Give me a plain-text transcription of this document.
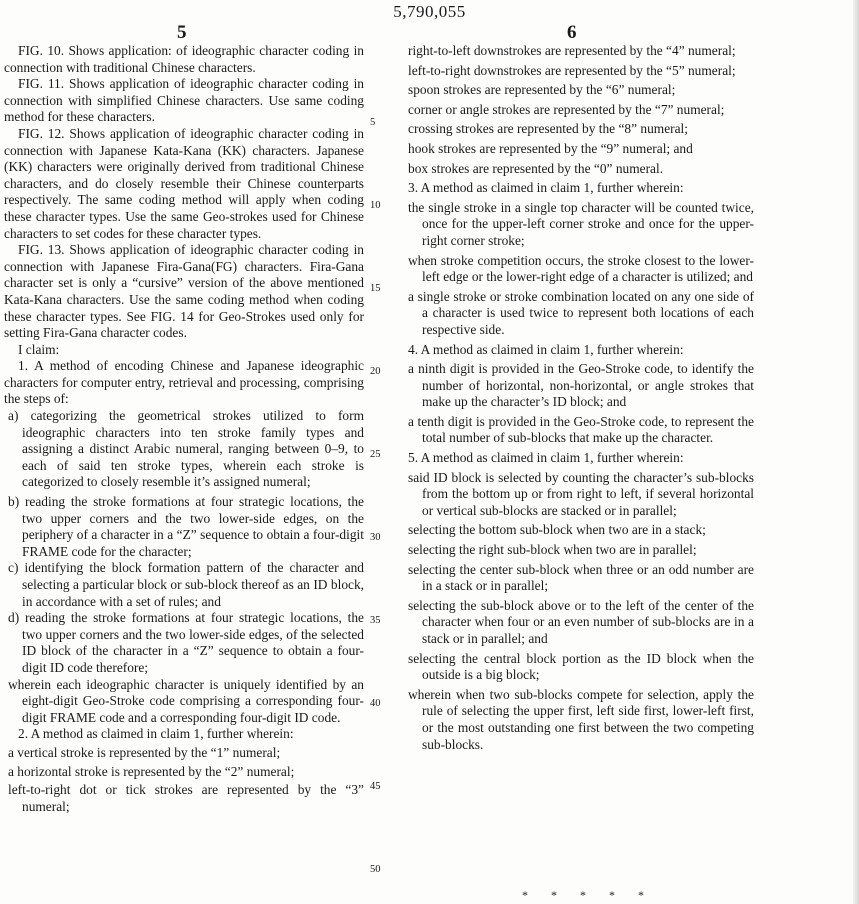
5,790,055
5	6

FIG. 10. Shows application: of ideographic character coding in connection with traditional Chinese characters.

FIG. 11. Shows application of ideographic character coding in connection with simplified Chinese characters. Use same coding method for these characters.

FIG. 12. Shows application of ideographic character coding in connection with Japanese Kata-Kana (KK) characters. Japanese (KK) characters were originally derived from traditional Chinese characters, and do closely resemble their Chinese counterparts respectively. The same coding method will apply when coding these character types. Use the same Geo-strokes used for Chinese characters to set codes for these character types.

FIG. 13. Shows application of ideographic character coding in connection with Japanese Fira-Gana(FG) characters. Fira-Gana character set is only a “cursive” version of the above mentioned Kata-Kana characters. Use the same coding method when coding these character types. See FIG. 14 for Geo-Strokes used only for setting Fira-Gana character codes.

I claim:

1. A method of encoding Chinese and Japanese ideographic characters for computer entry, retrieval and processing, comprising the steps of:

a) categorizing the geometrical strokes utilized to form ideographic characters into ten stroke family types and assigning a distinct Arabic numeral, ranging between 0–9, to each of said ten stroke types, wherein each stroke is categorized to closely resemble it’s assigned numeral;

b) reading the stroke formations at four strategic locations, the two upper corners and the two lower-side edges, on the periphery of a character in a “Z” sequence to obtain a four-digit FRAME code for the character;

c) identifying the block formation pattern of the character and selecting a particular block or sub-block thereof as an ID block, in accordance with a set of rules; and

d) reading the stroke formations at four strategic locations, the two upper corners and the two lower-side edges, of the selected ID block of the character in a “Z” sequence to obtain a four-digit ID code therefore;

wherein each ideographic character is uniquely identified by an eight-digit Geo-Stroke code comprising a corresponding four-digit FRAME code and a corresponding four-digit ID code.

2. A method as claimed in claim 1, further wherein:

a vertical stroke is represented by the “1” numeral;

a horizontal stroke is represented by the “2” numeral;

left-to-right dot or tick strokes are represented by the “3” numeral;

5
10
15
20
25
30
35
40
45
50

right-to-left downstrokes are represented by the “4” numeral;

left-to-right downstrokes are represented by the “5” numeral;

spoon strokes are represented by the “6” numeral;

corner or angle strokes are represented by the “7” numeral;

crossing strokes are represented by the “8” numeral;

hook strokes are represented by the “9” numeral; and

box strokes are represented by the “0” numeral.

3. A method as claimed in claim 1, further wherein:

the single stroke in a single top character will be counted twice, once for the upper-left corner stroke and once for the upper-right corner stroke;

when stroke competition occurs, the stroke closest to the lower-left edge or the lower-right edge of a character is utilized; and

a single stroke or stroke combination located on any one side of a character is used twice to represent both locations of each respective side.

4. A method as claimed in claim 1, further wherein:

a ninth digit is provided in the Geo-Stroke code, to identify the number of horizontal, non-horizontal, or angle strokes that make up the character’s ID block; and

a tenth digit is provided in the Geo-Stroke code, to represent the total number of sub-blocks that make up the character.

5. A method as claimed in claim 1, further wherein:

said ID block is selected by counting the character’s sub-blocks from the bottom up or from right to left, if several horizontal or vertical sub-blocks are stacked or in parallel;

selecting the bottom sub-block when two are in a stack;

selecting the right sub-block when two are in parallel;

selecting the center sub-block when three or an odd number are in a stack or in parallel;

selecting the sub-block above or to the left of the center of the character when four or an even number of sub-blocks are in a stack or in parallel; and

selecting the central block portion as the ID block when the outside is a big block;

wherein when two sub-blocks compete for selection, apply the rule of selecting the upper first, left side first, lower-left first, or the most outstanding one first between the two competing sub-blocks.

* * * * *
